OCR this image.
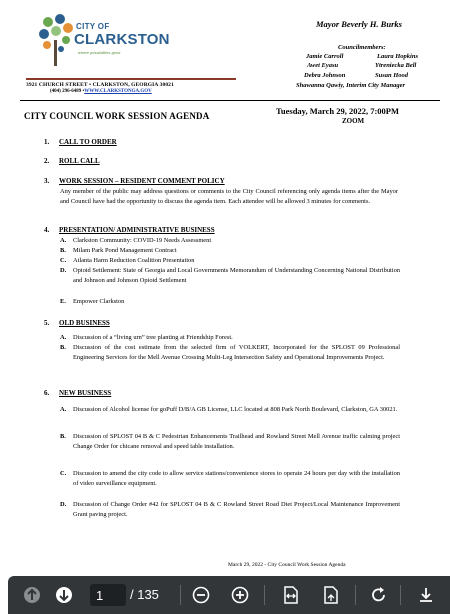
CITY OF
CLARKSTON
where possibilities grow
3921 CHURCH STREET • CLARKSTON, GEORGIA 30021
(404) 296-6489 •WWW.CLARKSTONGA.GOV
Mayor Beverly H. Burks
Councilmembers:
Jamie Carroll	Laura Hopkins
Awet Eyasu	Ytreniecka Bell
Debra Johnson	Susan Hood
Shawanna Qawiy, Interim City Manager
CITY COUNCIL WORK SESSION AGENDA	Tuesday, March 29, 2022, 7:00PM
ZOOM
1. CALL TO ORDER
2. ROLL CALL
3. WORK SESSION – RESIDENT COMMENT POLICY
Any member of the public may address questions or comments to the City Council referencing only agenda items after the Mayor and Council have had the opportunity to discuss the agenda item. Each attendee will be allowed 3 minutes for comments.
4. PRESENTATION/ ADMINISTRATIVE BUSINESS
A. Clarkston Community: COVID-19 Needs Assessment
B. Milam Park Pond Management Contract
C. Atlanta Harm Reduction Coalition Presentation
D. Opioid Settlement: State of Georgia and Local Governments Memorandum of Understanding Concerning National Distribution and Johnson and Johnson Opioid Settlement
E. Empower Clarkston
5. OLD BUSINESS
A. Discussion of a “living urn” tree planting at Friendship Forest.
B. Discussion of the cost estimate from the selected firm of VOLKERT, Incorporated for the SPLOST 09 Professional Engineering Services for the Mell Avenue Crossing Multi-Leg Intersection Safety and Operational Improvements Project.
6. NEW BUSINESS
A. Discussion of Alcohol license for goPuff D/B/A GB License, LLC located at 808 Park North Boulevard, Clarkston, GA 30021.
B. Discussion of SPLOST 04 B & C Pedestrian Enhancements Trailhead and Rowland Street Mell Avenue traffic calming project Change Order for chicane removal and speed table installation.
C. Discussion to amend the city code to allow service stations/convenience stores to operate 24 hours per day with the installation of video surveillance equipment.
D. Discussion of Change Order #42 for SPLOST 04 B & C Rowland Street Road Diet Project/Local Maintenance Improvement Grant paving project.
March 29, 2022 - City Council Work Session Agenda
1
/ 135
